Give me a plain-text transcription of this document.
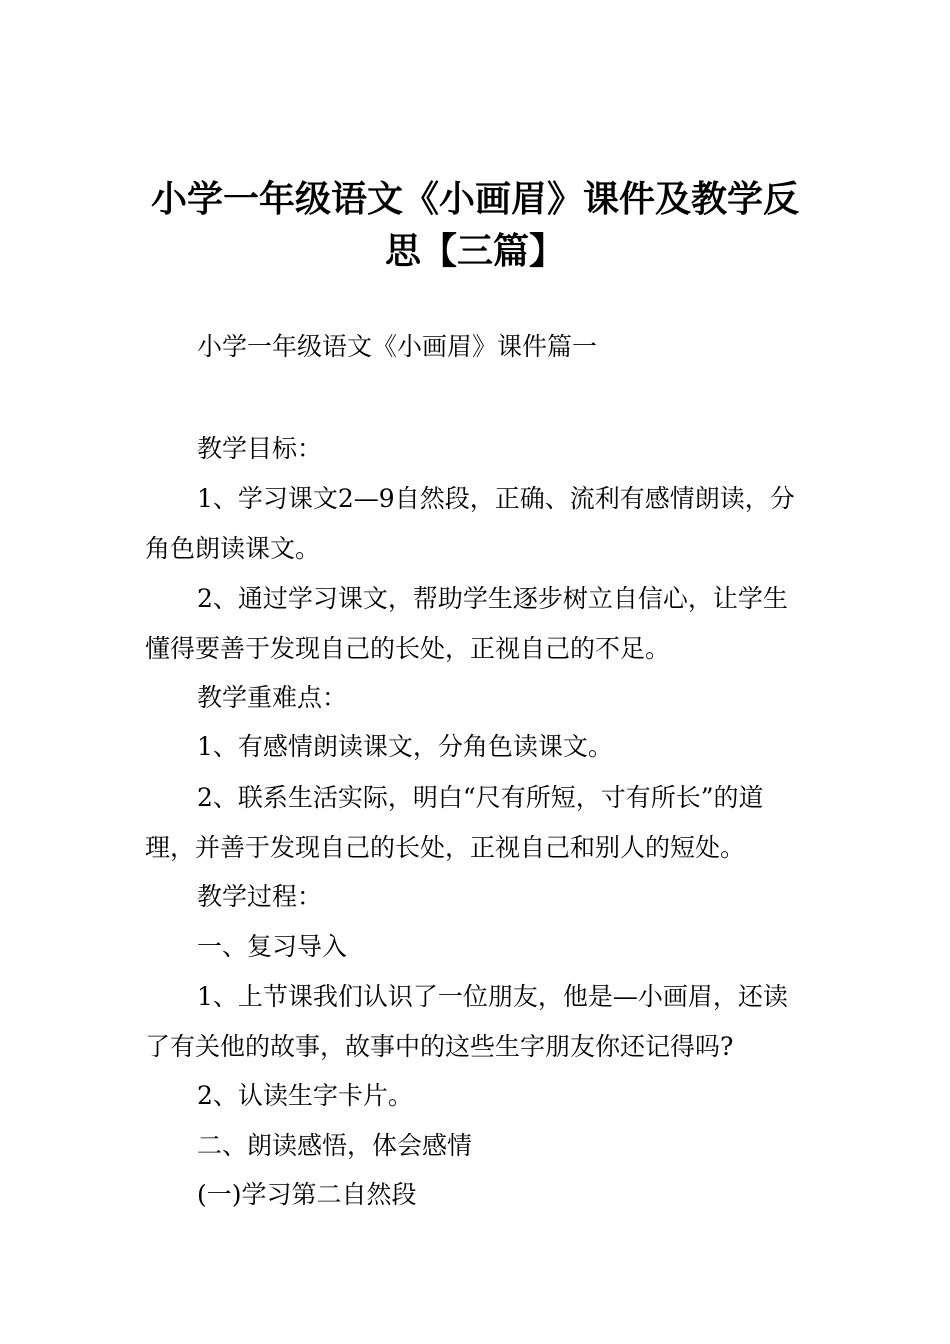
小学一年级语文《小画眉》课件及教学反思【三篇】

小学一年级语文《小画眉》课件篇一

教学目标：

1、学习课文2—9自然段，正确、流利有感情朗读，分角色朗读课文。

2、通过学习课文，帮助学生逐步树立自信心，让学生懂得要善于发现自己的长处，正视自己的不足。

教学重难点：

1、有感情朗读课文，分角色读课文。

2、联系生活实际，明白“尺有所短，寸有所长”的道理，并善于发现自己的长处，正视自己和别人的短处。

教学过程：

一、复习导入

1、上节课我们认识了一位朋友，他是—小画眉，还读了有关他的故事，故事中的这些生字朋友你还记得吗?

2、认读生字卡片。

二、朗读感悟，体会感情

(一)学习第二自然段
